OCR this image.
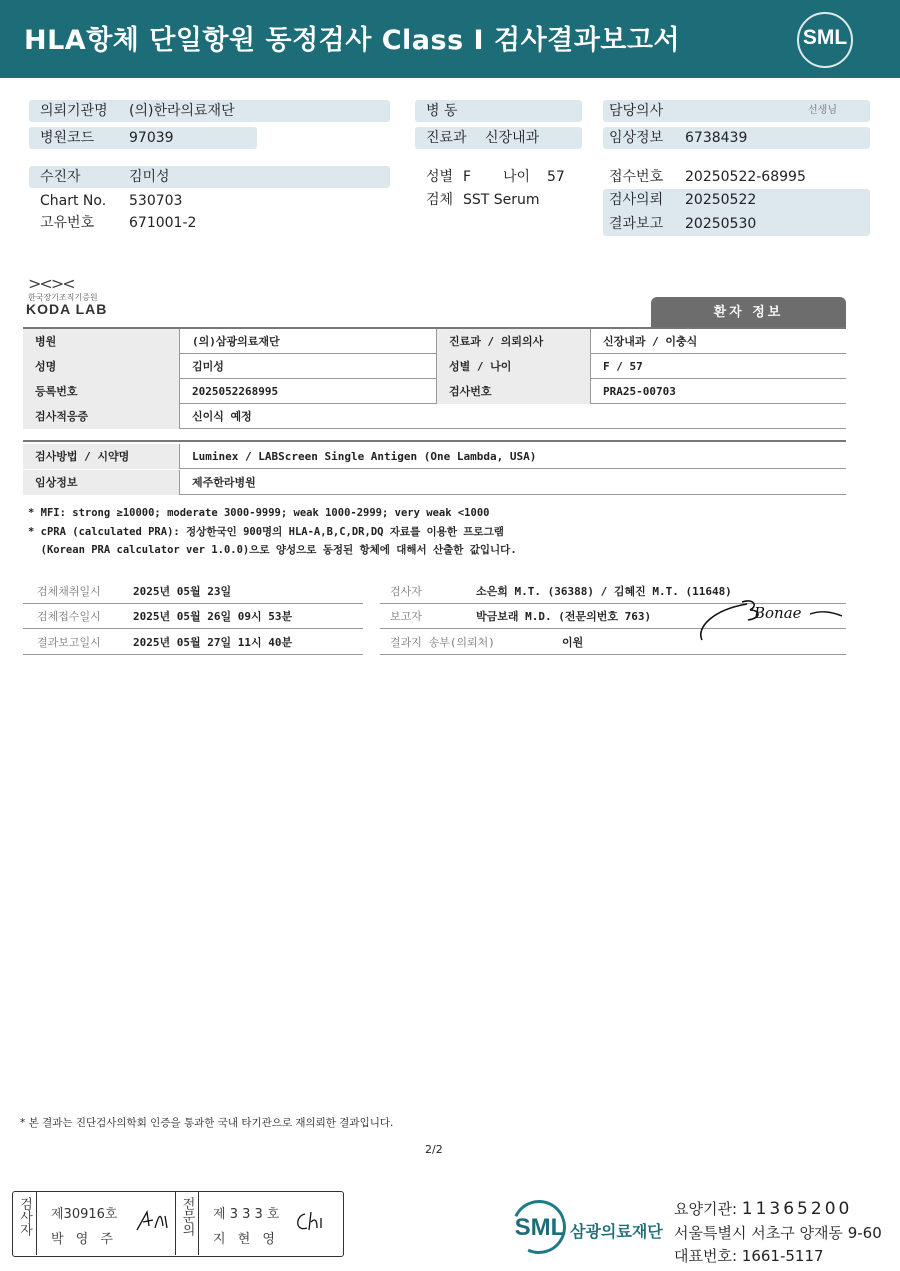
HLA항체 단일항원 동정검사 Class I 검사결과보고서	SML
의뢰기관명 (의)한라의료재단
병원코드 97039
병 동
진료과 신장내과
담당의사	선생님
임상정보 6738439
수진자	김미성
Chart No. 530703
고유번호 671001-2
성별 F 나이 57
검체 SST Serum
접수번호 20250522-68995
검사의뢰 20250522
결과보고 20250530
><><
한국장기조직기증원
KODA LAB	환자 정보
병원	(의)삼광의료재단	진료과 / 의뢰의사	신장내과 / 이충식
성명	김미성	성별 / 나이	F / 57
등록번호	2025052268995	검사번호	PRA25-00703
검사적응증	신이식 예정
검사방법 / 시약명	Luminex / LABScreen Single Antigen (One Lambda, USA)
임상정보	제주한라병원
* MFI: strong ≥10000; moderate 3000-9999; weak 1000-2999; very weak <1000
* cPRA (calculated PRA): 정상한국인 900명의 HLA-A,B,C,DR,DQ 자료를 이용한 프로그램
(Korean PRA calculator ver 1.0.0)으로 양성으로 동정된 항체에 대해서 산출한 값입니다.
검체채취일시	2025년 05월 23일
검체접수일시	2025년 05월 26일 09시 53분
결과보고일시	2025년 05월 27일 11시 40분
검사자	소은희 M.T. (36388) / 김혜진 M.T. (11648)
보고자	박금보래 M.D. (전문의번호 763)
결과지 송부(의뢰처)	이원
Bonae
* 본 결과는 진단검사의학회 인증을 통과한 국내 타기관으로 재의뢰한 결과입니다.
2/2
검사자 제30916호
박 영 주
전문의 제 3 3 3 호
지 현 영	SML 삼광의료재단
요양기관: 11365200
서울특별시 서초구 양재동 9-60
대표번호: 1661-5117
